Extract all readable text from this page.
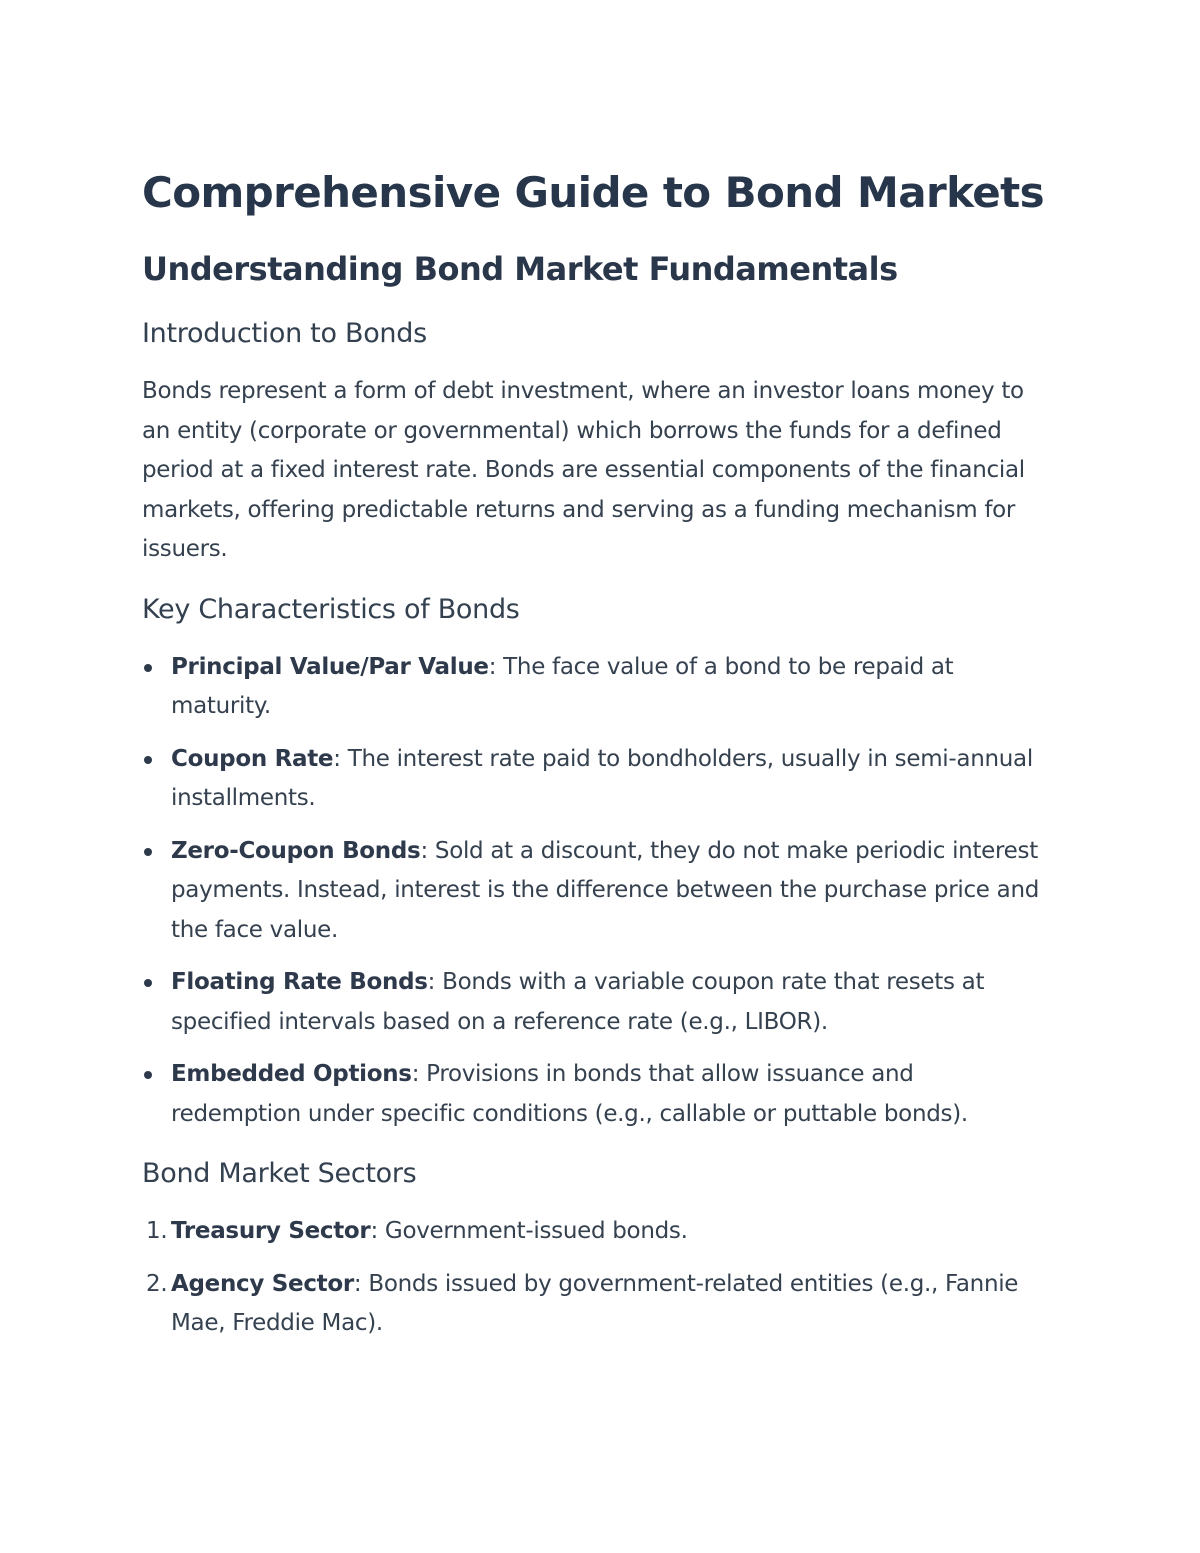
Comprehensive Guide to Bond Markets
Understanding Bond Market Fundamentals
Introduction to Bonds

Bonds represent a form of debt investment, where an investor loans money to an entity (corporate or governmental) which borrows the funds for a defined period at a fixed interest rate. Bonds are essential components of the financial markets, offering predictable returns and serving as a funding mechanism for issuers.

Key Characteristics of Bonds
Principal Value/Par Value: The face value of a bond to be repaid at maturity.
Coupon Rate: The interest rate paid to bondholders, usually in semi-annual installments.
Zero-Coupon Bonds: Sold at a discount, they do not make periodic interest payments. Instead, interest is the difference between the purchase price and the face value.
Floating Rate Bonds: Bonds with a variable coupon rate that resets at specified intervals based on a reference rate (e.g., LIBOR).
Embedded Options: Provisions in bonds that allow issuance and redemption under specific conditions (e.g., callable or puttable bonds).
Bond Market Sectors
1. Treasury Sector: Government-issued bonds.
2. Agency Sector: Bonds issued by government-related entities (e.g., Fannie Mae, Freddie Mac).
